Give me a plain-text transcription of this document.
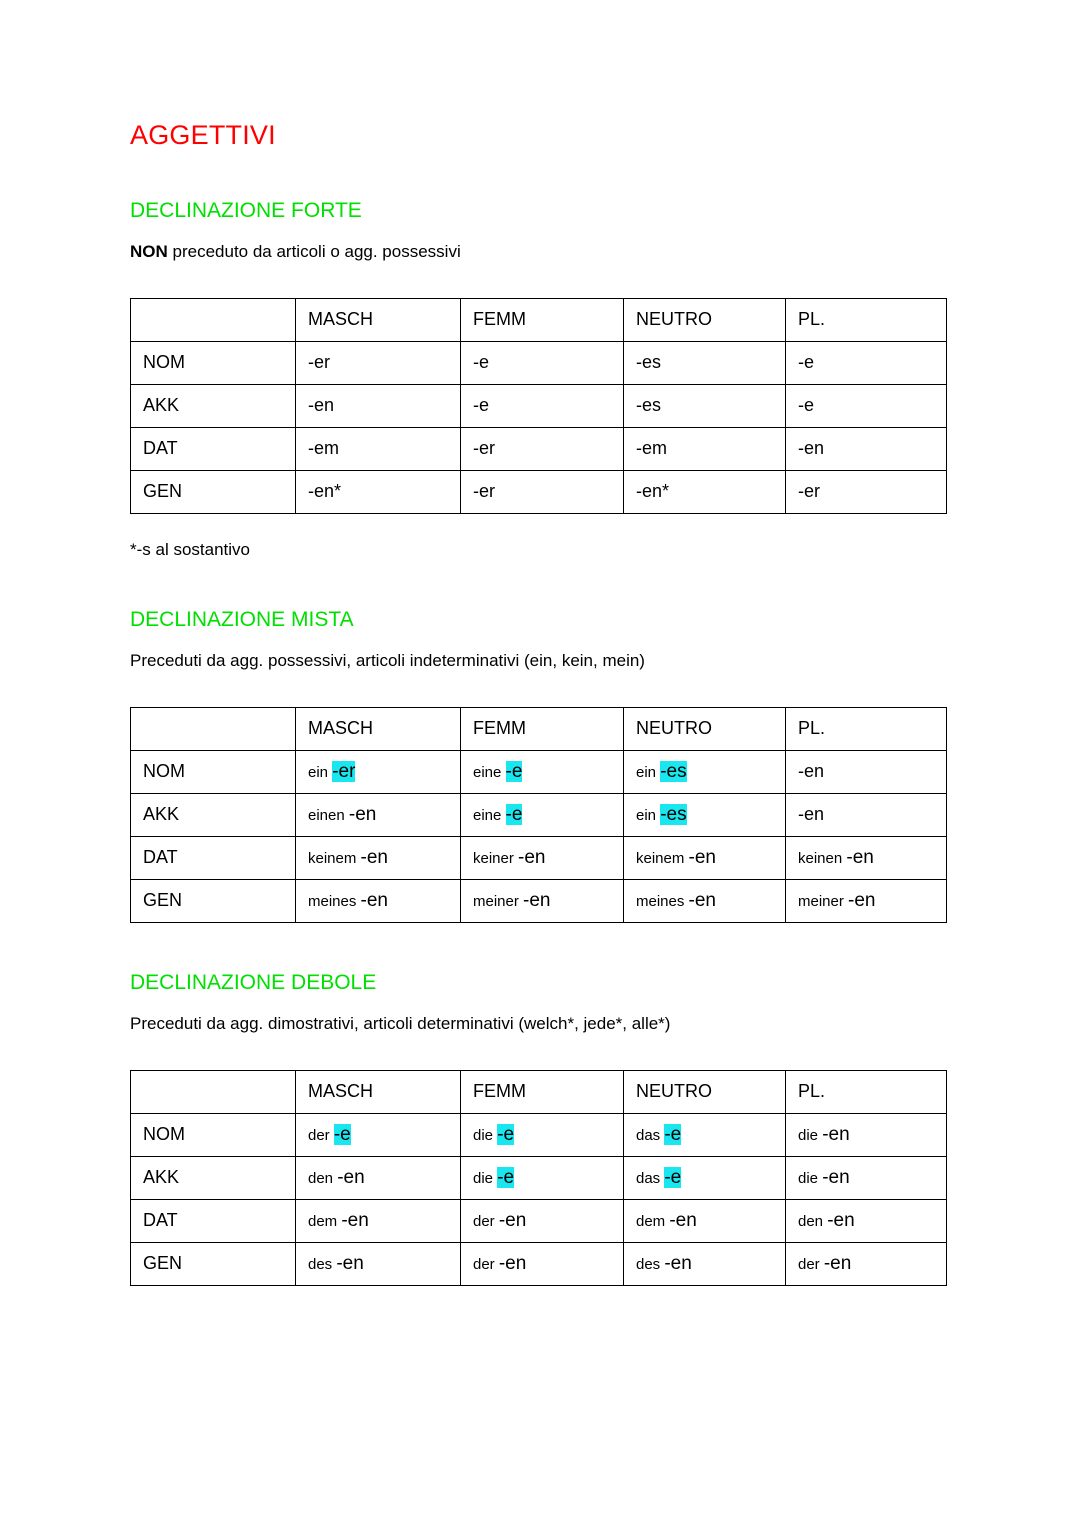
AGGETTIVI
DECLINAZIONE FORTE

NON preceduto da articoli o agg. possessivi

	MASCH	FEMM	NEUTRO	PL.
NOM	-er	-e	-es	-e
AKK	-en	-e	-es	-e
DAT	-em	-er	-em	-en
GEN	-en*	-er	-en*	-er

*-s al sostantivo

DECLINAZIONE MISTA

Preceduti da agg. possessivi, articoli indeterminativi (ein, kein, mein)

	MASCH	FEMM	NEUTRO	PL.
NOM	ein -er	eine -e	ein -es	-en
AKK	einen -en	eine -e	ein -es	-en
DAT	keinem -en	keiner -en	keinem -en	keinen -en
GEN	meines -en	meiner -en	meines -en	meiner -en
DECLINAZIONE DEBOLE

Preceduti da agg. dimostrativi, articoli determinativi (welch*, jede*, alle*)

	MASCH	FEMM	NEUTRO	PL.
NOM	der -e	die -e	das -e	die -en
AKK	den -en	die -e	das -e	die -en
DAT	dem -en	der -en	dem -en	den -en
GEN	des -en	der -en	des -en	der -en
